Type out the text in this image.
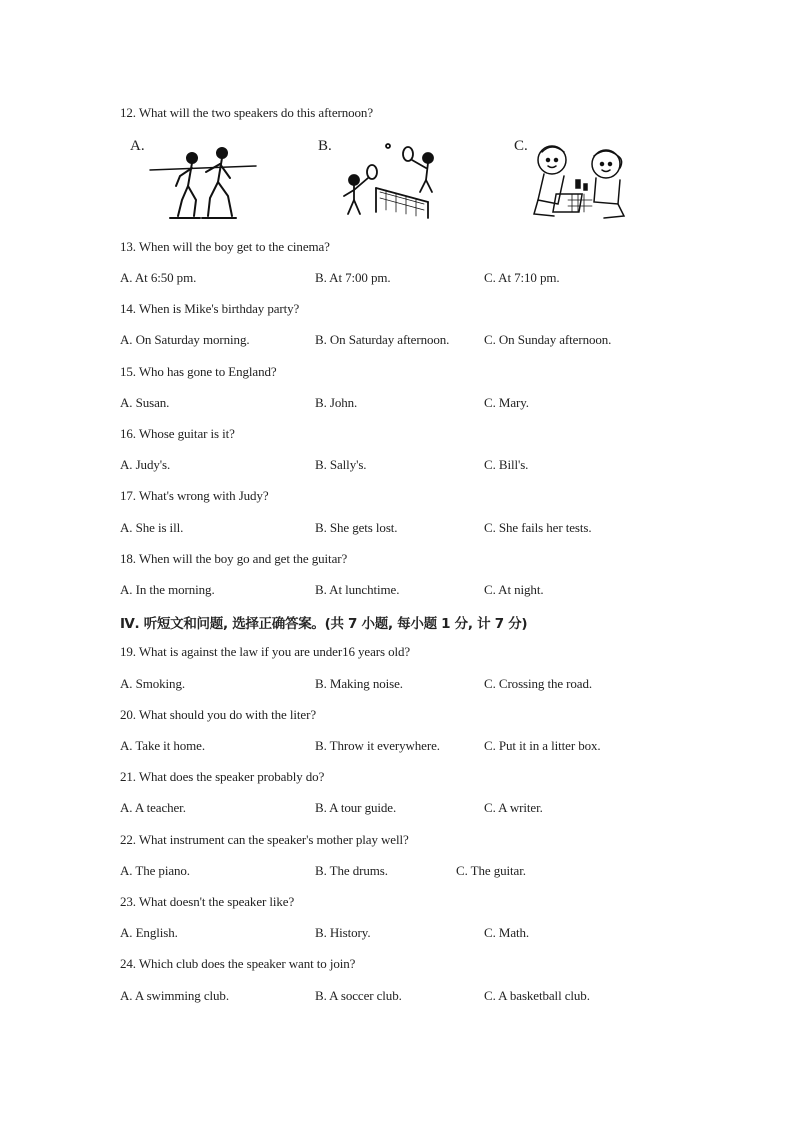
12. What will the two speakers do this afternoon?
A.	B.	C.
13. When will the boy get to the cinema?
A. At 6:50 pm.	B. At 7:00 pm.	C. At 7:10 pm.
14. When is Mike's birthday party?
A. On Saturday morning.	B. On Saturday afternoon.	C. On Sunday afternoon.
15. Who has gone to England?
A. Susan.	B. John.	C. Mary.
16. Whose guitar is it?
A. Judy's.	B. Sally's.	C. Bill's.
17. What's wrong with Judy?
A. She is ill.	B. She gets lost.	C. She fails her tests.
18. When will the boy go and get the guitar?
A. In the morning.	B. At lunchtime.	C. At night.
Ⅳ. 听短文和问题, 选择正确答案。(共 7 小题, 每小题 1 分, 计 7 分)
19. What is against the law if you are under16 years old?
A. Smoking.	B. Making noise.	C. Crossing the road.
20. What should you do with the liter?
A. Take it home.	B. Throw it everywhere.	C. Put it in a litter box.
21. What does the speaker probably do?
A. A teacher.	B. A tour guide.	C. A writer.
22. What instrument can the speaker's mother play well?
A. The piano.	B. The drums.	C. The guitar.
23. What doesn't the speaker like?
A. English.	B. History.	C. Math.
24. Which club does the speaker want to join?
A. A swimming club.	B. A soccer club.	C. A basketball club.
